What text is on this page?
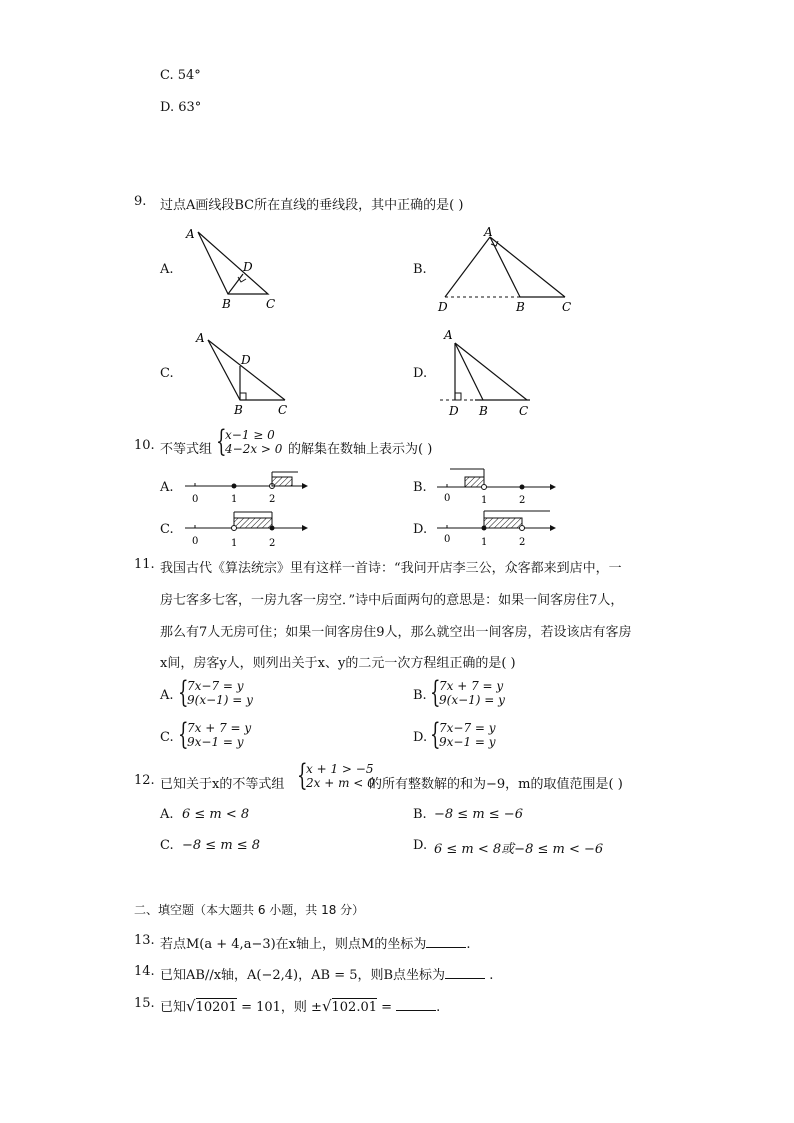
C. 54°
D. 63°
9. 过点A画线段BC所在直线的垂线段，其中正确的是( )
A.
A
D
B	C
B.
A
D	B	C
C.
A
D
B	C
D.
A
D B	C
10. 不等式组 {
x−1 ≥ 0
4−2x > 0 的解集在数轴上表示为( )
A.
0	1	2
B.
0	1	2
C.
0	1	2
D.
0	1	2
11. 我国古代《算法统宗》里有这样一首诗：“我问开店李三公，众客都来到店中，一
房七客多七客，一房九客一房空．”诗中后面两句的意思是：如果一间客房住7人，
那么有7人无房可住；如果一间客房住9人，那么就空出一间客房，若设该店有客房
x间，房客y人，则列出关于x、y的二元一次方程组正确的是( )
A. {
7x−7 = y
9(x−1) = y	B. {
7x + 7 = y
9(x−1) = y
C. {
7x + 7 = y
9x−1 = y	D. {
7x−7 = y
9x−1 = y
12. 已知关于x的不等式组 {
x + 1 > −5
2x + m < 0
的所有整数解的和为−9，m的取值范围是( )
A. 6 ≤ m < 8	B. −8 ≤ m ≤ −6
C. −8 ≤ m ≤ 8	D. 6 ≤ m < 8或−8 ≤ m < −6
二、填空题（本大题共 6 小题，共 18 分）
13. 若点M(a + 4,a−3)在x轴上，则点M的坐标为	.
14. 已知AB//x轴，A(−2,4)，AB = 5，则B点坐标为	.
15. 已知√10201 = 101，则 ±√102.01 =	.
